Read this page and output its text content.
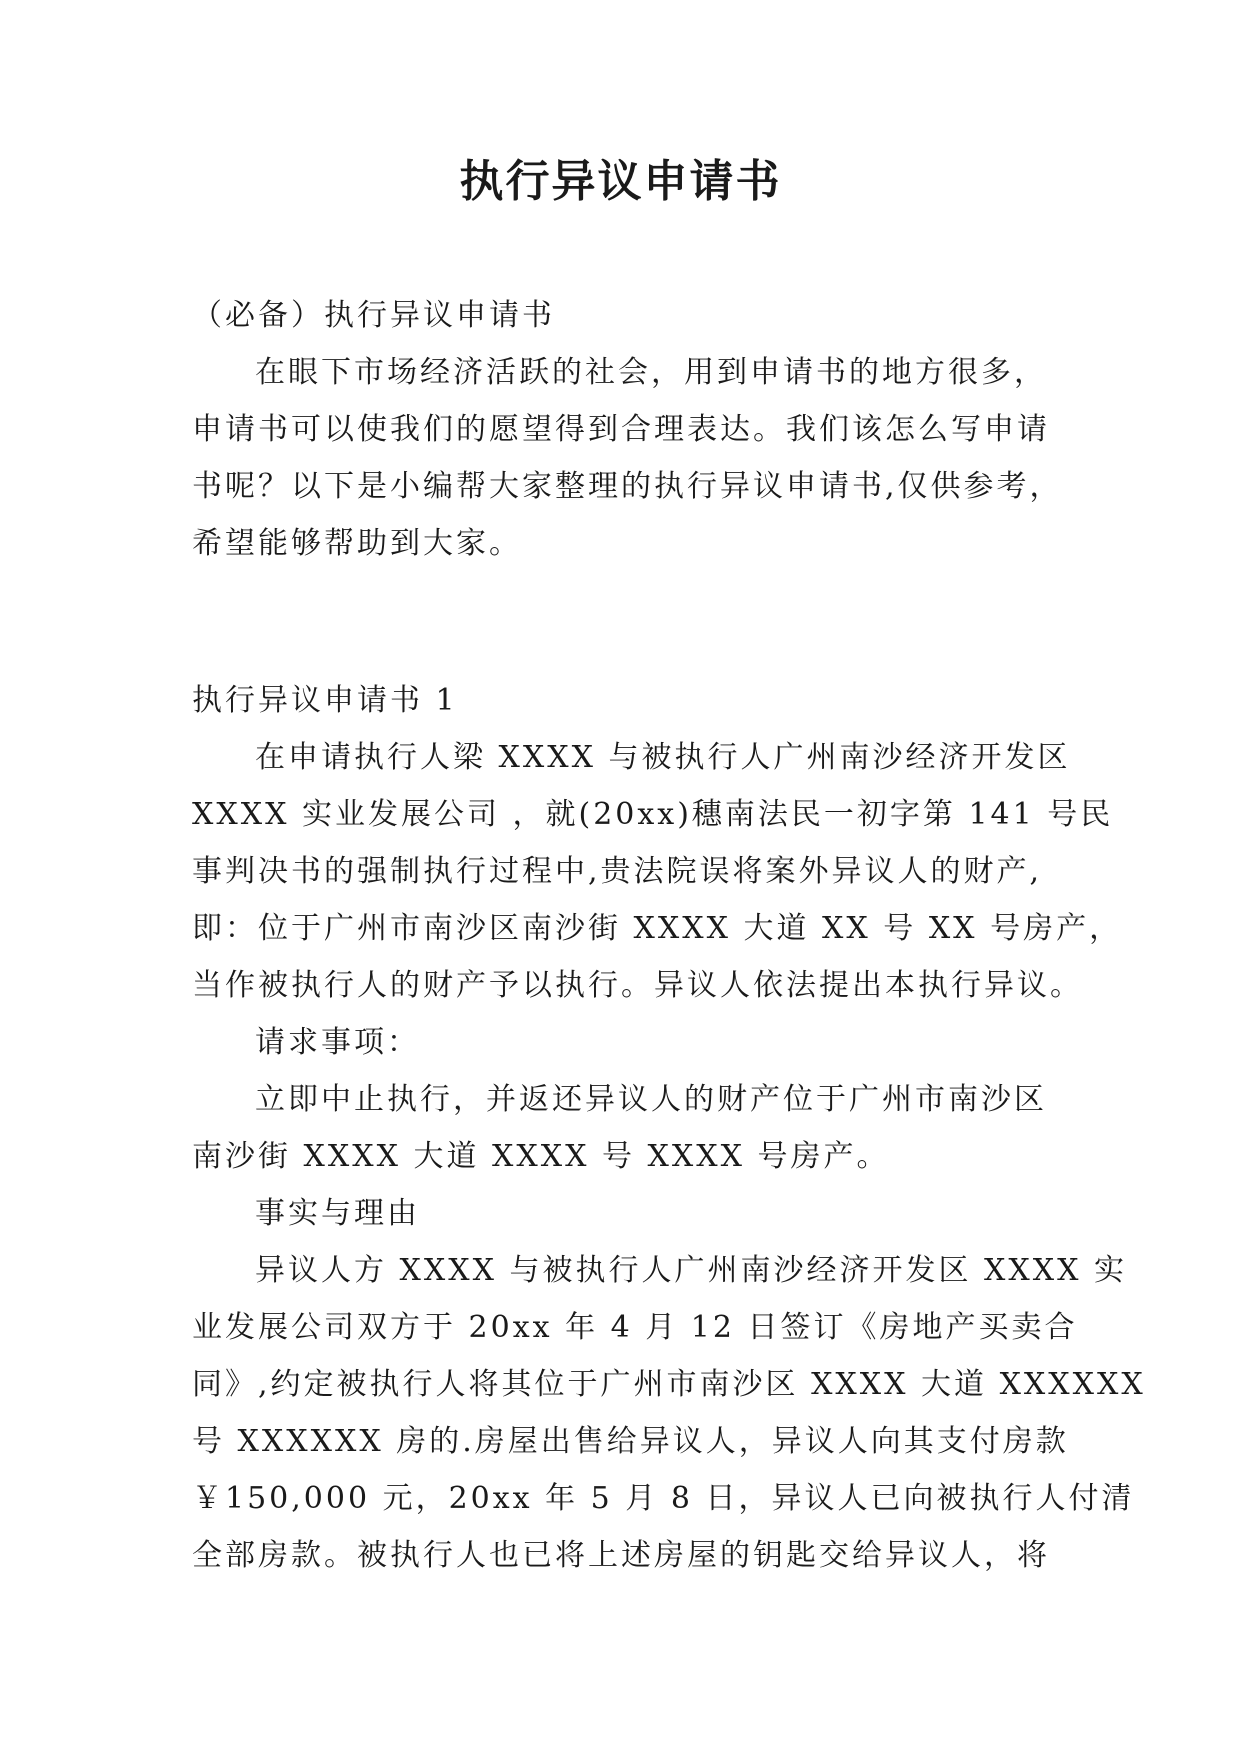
执行异议申请书
（必备）执行异议申请书
在眼下市场经济活跃的社会，用到申请书的地方很多，
申请书可以使我们的愿望得到合理表达。我们该怎么写申请
书呢？以下是小编帮大家整理的执行异议申请书,仅供参考，
希望能够帮助到大家。
执行异议申请书 1
在申请执行人梁 XXXX 与被执行人广州南沙经济开发区
XXXX 实业发展公司 ，就(20xx)穗南法民一初字第 141 号民
事判决书的强制执行过程中,贵法院误将案外异议人的财产,
即：位于广州市南沙区南沙街 XXXX 大道 XX 号 XX 号房产，
当作被执行人的财产予以执行。异议人依法提出本执行异议。
请求事项：
立即中止执行，并返还异议人的财产位于广州市南沙区
南沙街 XXXX 大道 XXXX 号 XXXX 号房产。
事实与理由
异议人方 XXXX 与被执行人广州南沙经济开发区 XXXX 实
业发展公司双方于 20xx 年 4 月 12 日签订《房地产买卖合
同》,约定被执行人将其位于广州市南沙区 XXXX 大道 XXXXXX
号 XXXXXX 房的.房屋出售给异议人，异议人向其支付房款
￥150,000 元，20xx 年 5 月 8 日，异议人已向被执行人付清
全部房款。被执行人也已将上述房屋的钥匙交给异议人，将
